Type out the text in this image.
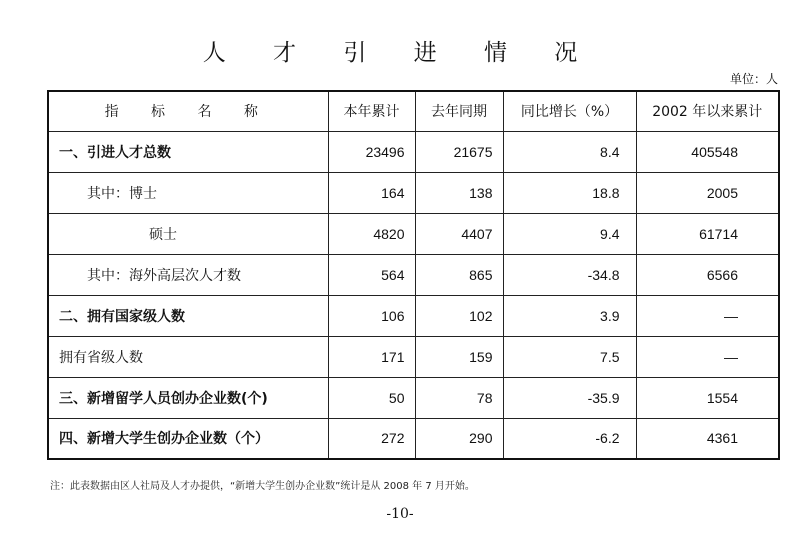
人 才 引 进 情 况
单位：人
指 标 名 称	本年累计	去年同期	同比增长（%）	2002 年以来累计
一、引进人才总数	23496	21675	8.4	405548
其中：博士	164	138	18.8	2005
硕士	4820	4407	9.4	61714
其中：海外高层次人才数	564	865	-34.8	6566
二、拥有国家级人数	106	102	3.9	—
拥有省级人数	171	159	7.5	—
三、新增留学人员创办企业数(个)	50	78	-35.9	1554
四、新增大学生创办企业数（个）	272	290	-6.2	4361
注：此表数据由区人社局及人才办提供，“新增大学生创办企业数”统计是从 2008 年 7 月开始。
-10-
